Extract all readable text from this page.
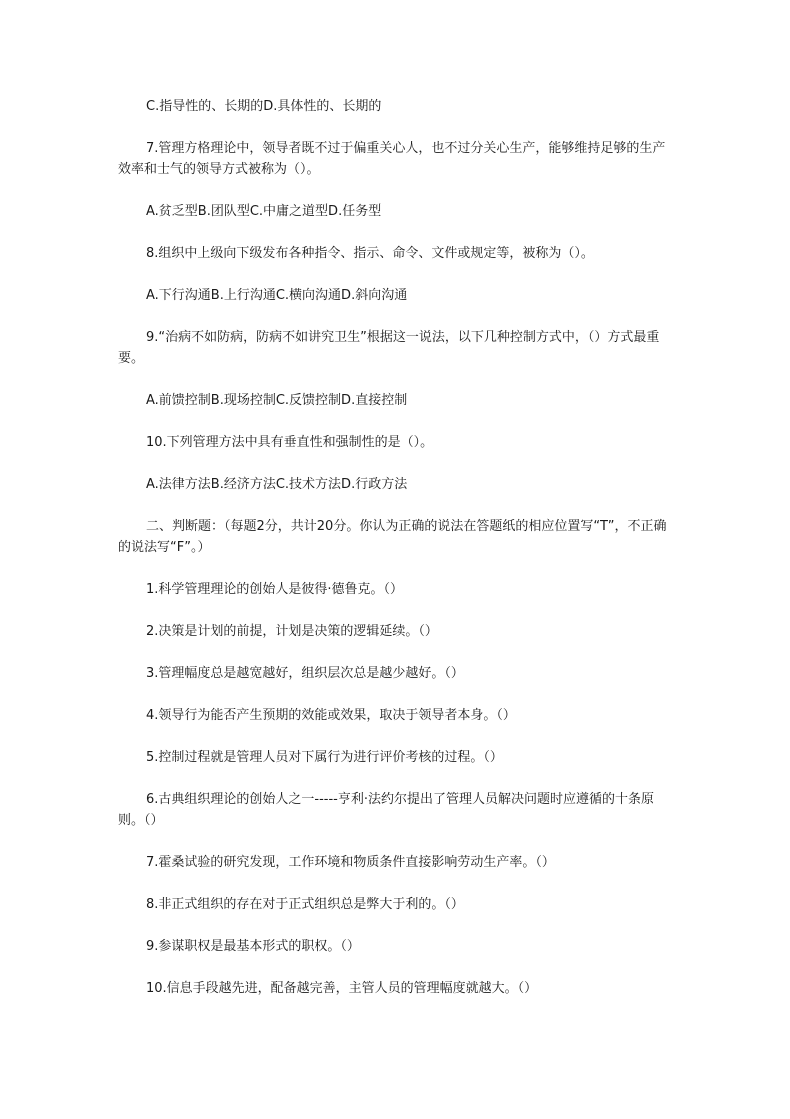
C.指导性的、长期的D.具体性的、长期的

7.管理方格理论中，领导者既不过于偏重关心人，也不过分关心生产，能够维持足够的生产效率和士气的领导方式被称为（）。

A.贫乏型B.团队型C.中庸之道型D.任务型

8.组织中上级向下级发布各种指令、指示、命令、文件或规定等，被称为（）。

A.下行沟通B.上行沟通C.横向沟通D.斜向沟通

9.“治病不如防病，防病不如讲究卫生”根据这一说法，以下几种控制方式中，（）方式最重要。

A.前馈控制B.现场控制C.反馈控制D.直接控制

10.下列管理方法中具有垂直性和强制性的是（）。

A.法律方法B.经济方法C.技术方法D.行政方法

二、判断题：（每题2分，共计20分。你认为正确的说法在答题纸的相应位置写“T”，不正确的说法写“F”。）

1.科学管理理论的创始人是彼得·德鲁克。（）

2.决策是计划的前提，计划是决策的逻辑延续。（）

3.管理幅度总是越宽越好，组织层次总是越少越好。（）

4.领导行为能否产生预期的效能或效果，取决于领导者本身。（）

5.控制过程就是管理人员对下属行为进行评价考核的过程。（）

6.古典组织理论的创始人之一-----亨利·法约尔提出了管理人员解决问题时应遵循的十条原则。（）

7.霍桑试验的研究发现，工作环境和物质条件直接影响劳动生产率。（）

8.非正式组织的存在对于正式组织总是弊大于利的。（）

9.参谋职权是最基本形式的职权。（）

10.信息手段越先进，配备越完善，主管人员的管理幅度就越大。（）
